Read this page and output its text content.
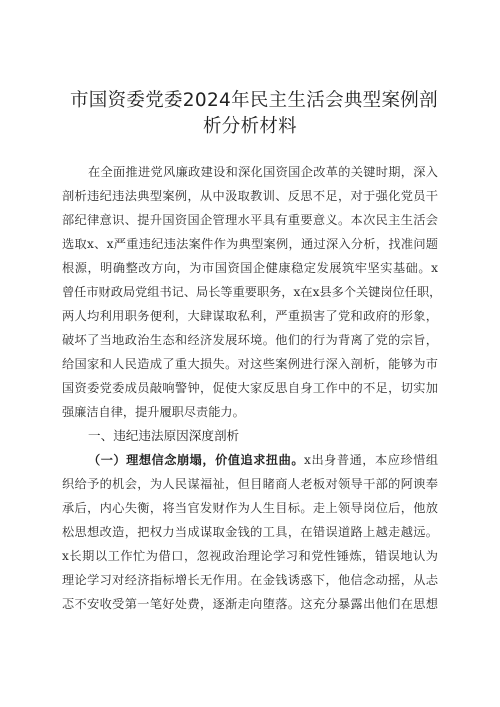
市国资委党委2024年民主生活会典型案例剖
析分析材料
在全面推进党风廉政建设和深化国资国企改革的关键时期，深入
剖析违纪违法典型案例，从中汲取教训、反思不足，对于强化党员干
部纪律意识、提升国资国企管理水平具有重要意义。本次民主生活会
选取x、x严重违纪违法案件作为典型案例，通过深入分析，找准问题
根源，明确整改方向，为市国资国企健康稳定发展筑牢坚实基础。x
曾任市财政局党组书记、局长等重要职务，x在x县多个关键岗位任职，
两人均利用职务便利，大肆谋取私利，严重损害了党和政府的形象，
破坏了当地政治生态和经济发展环境。他们的行为背离了党的宗旨，
给国家和人民造成了重大损失。对这些案例进行深入剖析，能够为市
国资委党委成员敲响警钟，促使大家反思自身工作中的不足，切实加
强廉洁自律，提升履职尽责能力。
一、违纪违法原因深度剖析
（一）理想信念崩塌，价值追求扭曲。x出身普通，本应珍惜组
织给予的机会，为人民谋福祉，但目睹商人老板对领导干部的阿谀奉
承后，内心失衡，将当官发财作为人生目标。走上领导岗位后，他放
松思想改造，把权力当成谋取金钱的工具，在错误道路上越走越远。
x长期以工作忙为借口，忽视政治理论学习和党性锤炼，错误地认为
理论学习对经济指标增长无作用。在金钱诱惑下，他信念动摇，从忐
忑不安收受第一笔好处费，逐渐走向堕落。这充分暴露出他们在思想
